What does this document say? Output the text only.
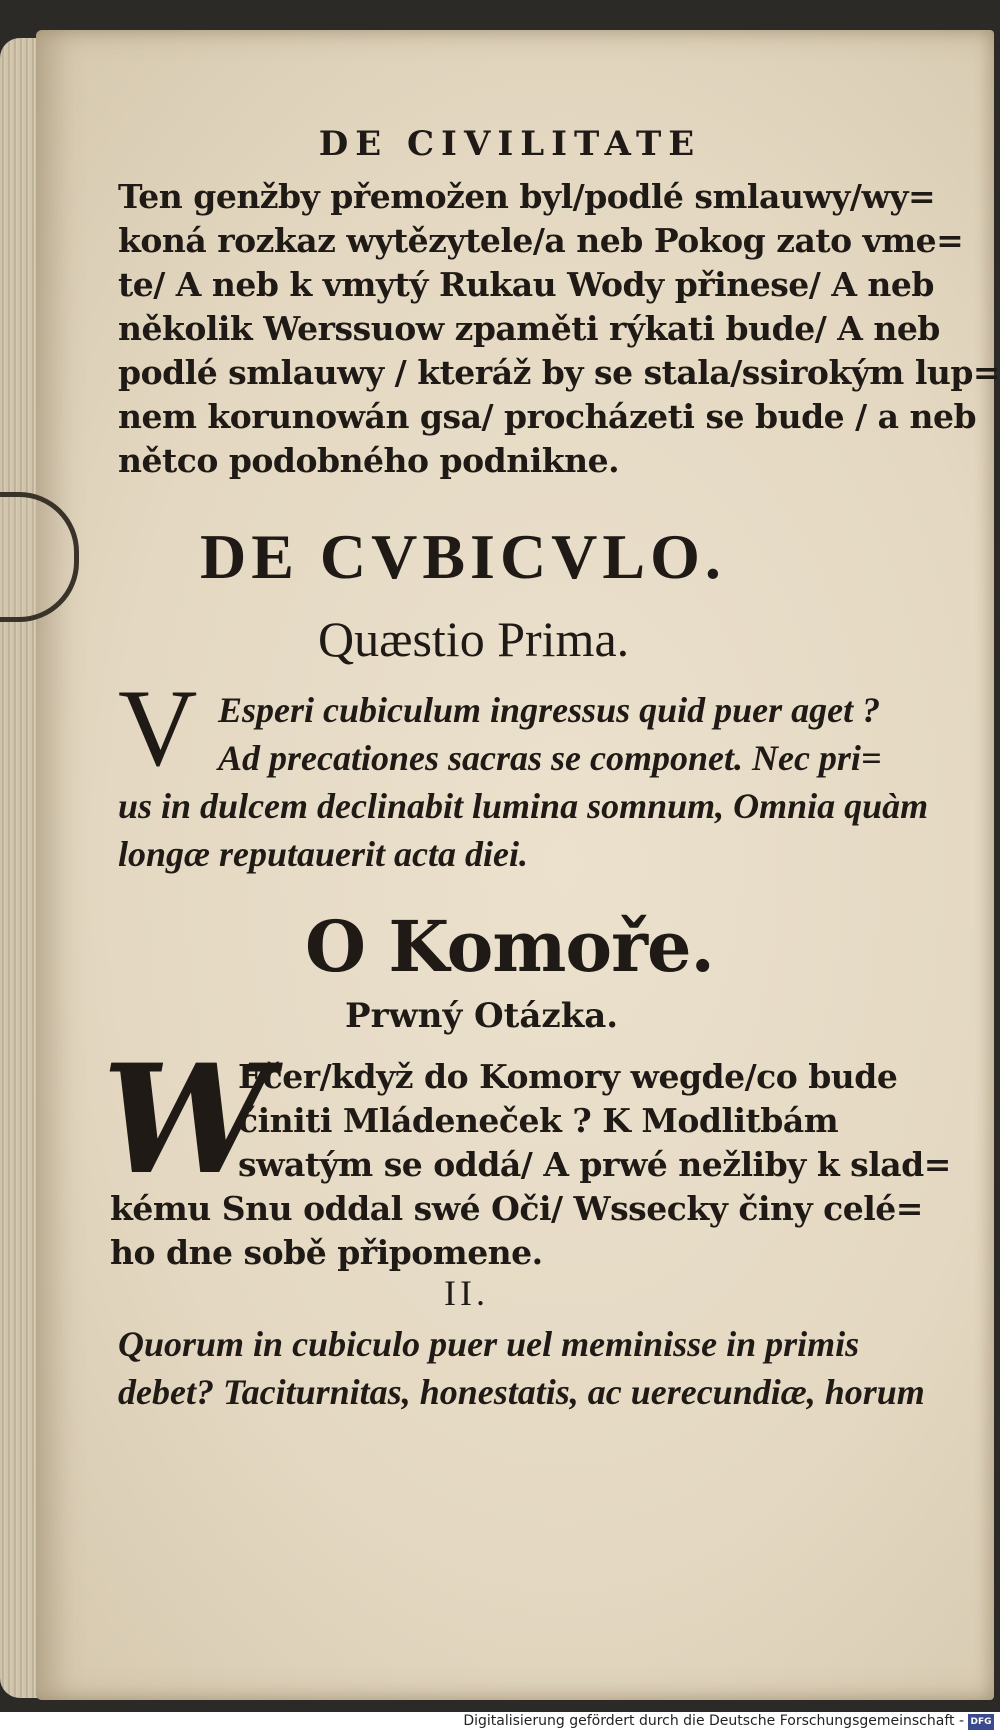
DE CIVILITATE
Ten genžby přemožen byl/podlé smlauwy/wy=
koná rozkaz wytězytele/a neb Pokog zato vme=
te/ A neb k vmytý Rukau Wody přinese/ A neb
několik Werssuow zpaměti rýkati bude/ A neb
podlé smlauwy / kteráž by se stala/ssirokým lup=
nem korunowán gsa/ procházeti se bude / a neb
nětco podobného podnikne.
DE CVBICVLO.
Quæstio Prima.
V Esperi cubiculum ingressus quid puer aget ?
Ad precationes sacras se componet. Nec pri=
us in dulcem declinabit lumina somnum, Omnia quàm
longæ reputauerit acta diei.
O Komoře.
Prwný Otázka.
W
Ečer/když do Komory wegde/co bude
činiti Mládeneček ? K Modlitbám
swatým se oddá/ A prwé nežliby k slad=
kému Snu oddal swé Oči/ Wssecky činy celé=
ho dne sobě připomene.
II.
Quorum in cubiculo puer uel meminisse in primis
debet? Taciturnitas, honestatis, ac uerecundiæ, horum
Digitalisierung gefördert durch die Deutsche Forschungsgemeinschaft - DFG
